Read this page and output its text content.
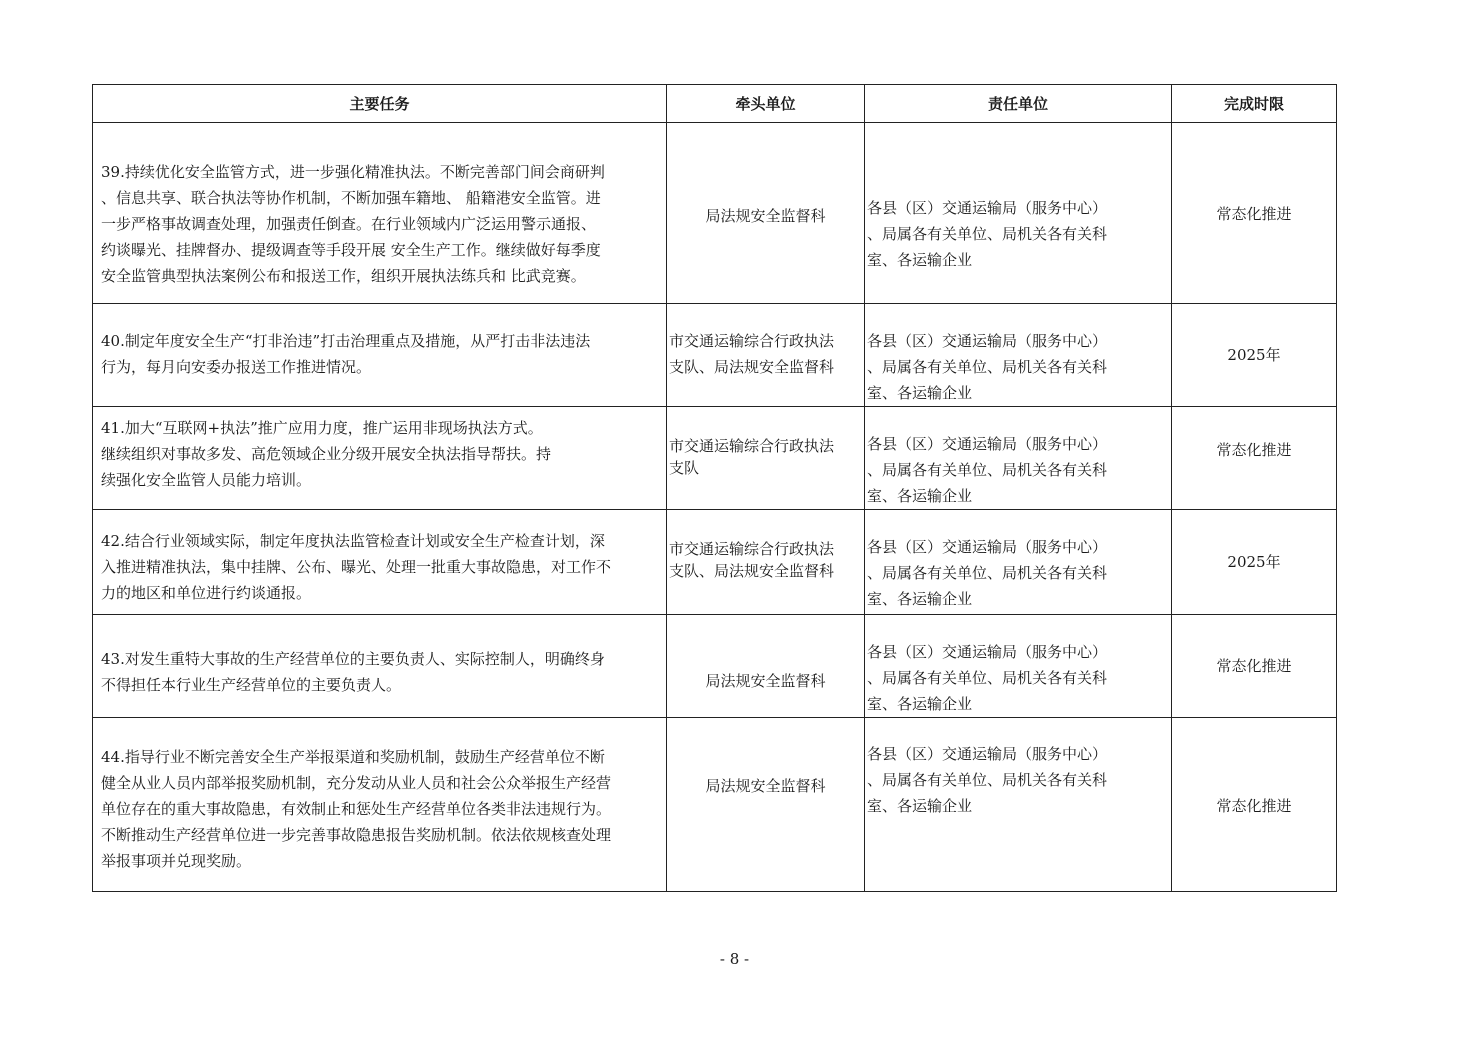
主要任务	牵头单位	责任单位	完成时限
39.持续优化安全监管方式，进一步强化精准执法。不断完善部门间会商研判
、信息共享、联合执法等协作机制，不断加强车籍地、 船籍港安全监管。进
一步严格事故调查处理，加强责任倒查。在行业领域内广泛运用警示通报、
约谈曝光、挂牌督办、提级调查等手段开展 安全生产工作。继续做好每季度
安全监管典型执法案例公布和报送工作，组织开展执法练兵和 比武竞赛。	局法规安全监督科	各县（区）交通运输局（服务中心）
、局属各有关单位、局机关各有关科
室、各运输企业	常态化推进
40.制定年度安全生产“打非治违”打击治理重点及措施，从严打击非法违法
行为，每月向安委办报送工作推进情况。	市交通运输综合行政执法
支队、局法规安全监督科	各县（区）交通运输局（服务中心）
、局属各有关单位、局机关各有关科
室、各运输企业	2025年
41.加大“互联网+执法”推广应用力度，推广运用非现场执法方式。
继续组织对事故多发、高危领域企业分级开展安全执法指导帮扶。持
续强化安全监管人员能力培训。	市交通运输综合行政执法
支队	各县（区）交通运输局（服务中心）
、局属各有关单位、局机关各有关科
室、各运输企业	常态化推进
42.结合行业领域实际，制定年度执法监管检查计划或安全生产检查计划，深
入推进精准执法，集中挂牌、公布、曝光、处理一批重大事故隐患，对工作不
力的地区和单位进行约谈通报。	市交通运输综合行政执法
支队、局法规安全监督科	各县（区）交通运输局（服务中心）
、局属各有关单位、局机关各有关科
室、各运输企业	2025年
43.对发生重特大事故的生产经营单位的主要负责人、实际控制人，明确终身
不得担任本行业生产经营单位的主要负责人。	局法规安全监督科	各县（区）交通运输局（服务中心）
、局属各有关单位、局机关各有关科
室、各运输企业	常态化推进
44.指导行业不断完善安全生产举报渠道和奖励机制，鼓励生产经营单位不断
健全从业人员内部举报奖励机制，充分发动从业人员和社会公众举报生产经营
单位存在的重大事故隐患，有效制止和惩处生产经营单位各类非法违规行为。
不断推动生产经营单位进一步完善事故隐患报告奖励机制。依法依规核查处理
举报事项并兑现奖励。	局法规安全监督科	各县（区）交通运输局（服务中心）
、局属各有关单位、局机关各有关科
室、各运输企业	常态化推进
- 8 -
